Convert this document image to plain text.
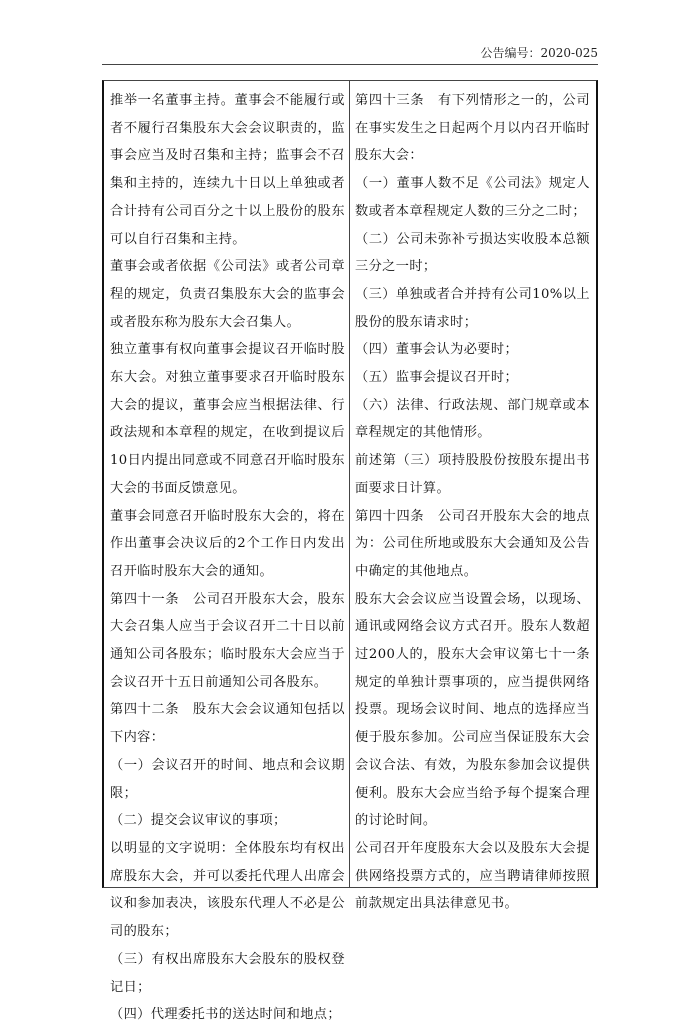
公告编号：2020-025

推举一名董事主持。董事会不能履行或者不履行召集股东大会会议职责的，监事会应当及时召集和主持；监事会不召集和主持的，连续九十日以上单独或者合计持有公司百分之十以上股份的股东可以自行召集和主持。

董事会或者依据《公司法》或者公司章程的规定，负责召集股东大会的监事会或者股东称为股东大会召集人。

独立董事有权向董事会提议召开临时股东大会。对独立董事要求召开临时股东大会的提议，董事会应当根据法律、行政法规和本章程的规定，在收到提议后10日内提出同意或不同意召开临时股东大会的书面反馈意见。

董事会同意召开临时股东大会的，将在作出董事会决议后的2个工作日内发出召开临时股东大会的通知。

第四十一条　公司召开股东大会，股东大会召集人应当于会议召开二十日以前通知公司各股东；临时股东大会应当于会议召开十五日前通知公司各股东。

第四十二条　股东大会会议通知包括以下内容：

（一）会议召开的时间、地点和会议期限；

（二）提交会议审议的事项；

以明显的文字说明：全体股东均有权出席股东大会，并可以委托代理人出席会议和参加表决，该股东代理人不必是公司的股东；

（三）有权出席股东大会股东的股权登记日；

（四）代理委托书的送达时间和地点；

第四十三条　有下列情形之一的，公司在事实发生之日起两个月以内召开临时股东大会：

（一）董事人数不足《公司法》规定人数或者本章程规定人数的三分之二时；

（二）公司未弥补亏损达实收股本总额三分之一时；

（三）单独或者合并持有公司10%以上股份的股东请求时；

（四）董事会认为必要时；

（五）监事会提议召开时；

（六）法律、行政法规、部门规章或本章程规定的其他情形。

前述第（三）项持股股份按股东提出书面要求日计算。

第四十四条　公司召开股东大会的地点为：公司住所地或股东大会通知及公告中确定的其他地点。

股东大会会议应当设置会场，以现场、通讯或网络会议方式召开。股东人数超过200人的，股东大会审议第七十一条规定的单独计票事项的，应当提供网络投票。现场会议时间、地点的选择应当便于股东参加。公司应当保证股东大会会议合法、有效，为股东参加会议提供便利。股东大会应当给予每个提案合理的讨论时间。

公司召开年度股东大会以及股东大会提供网络投票方式的，应当聘请律师按照前款规定出具法律意见书。
